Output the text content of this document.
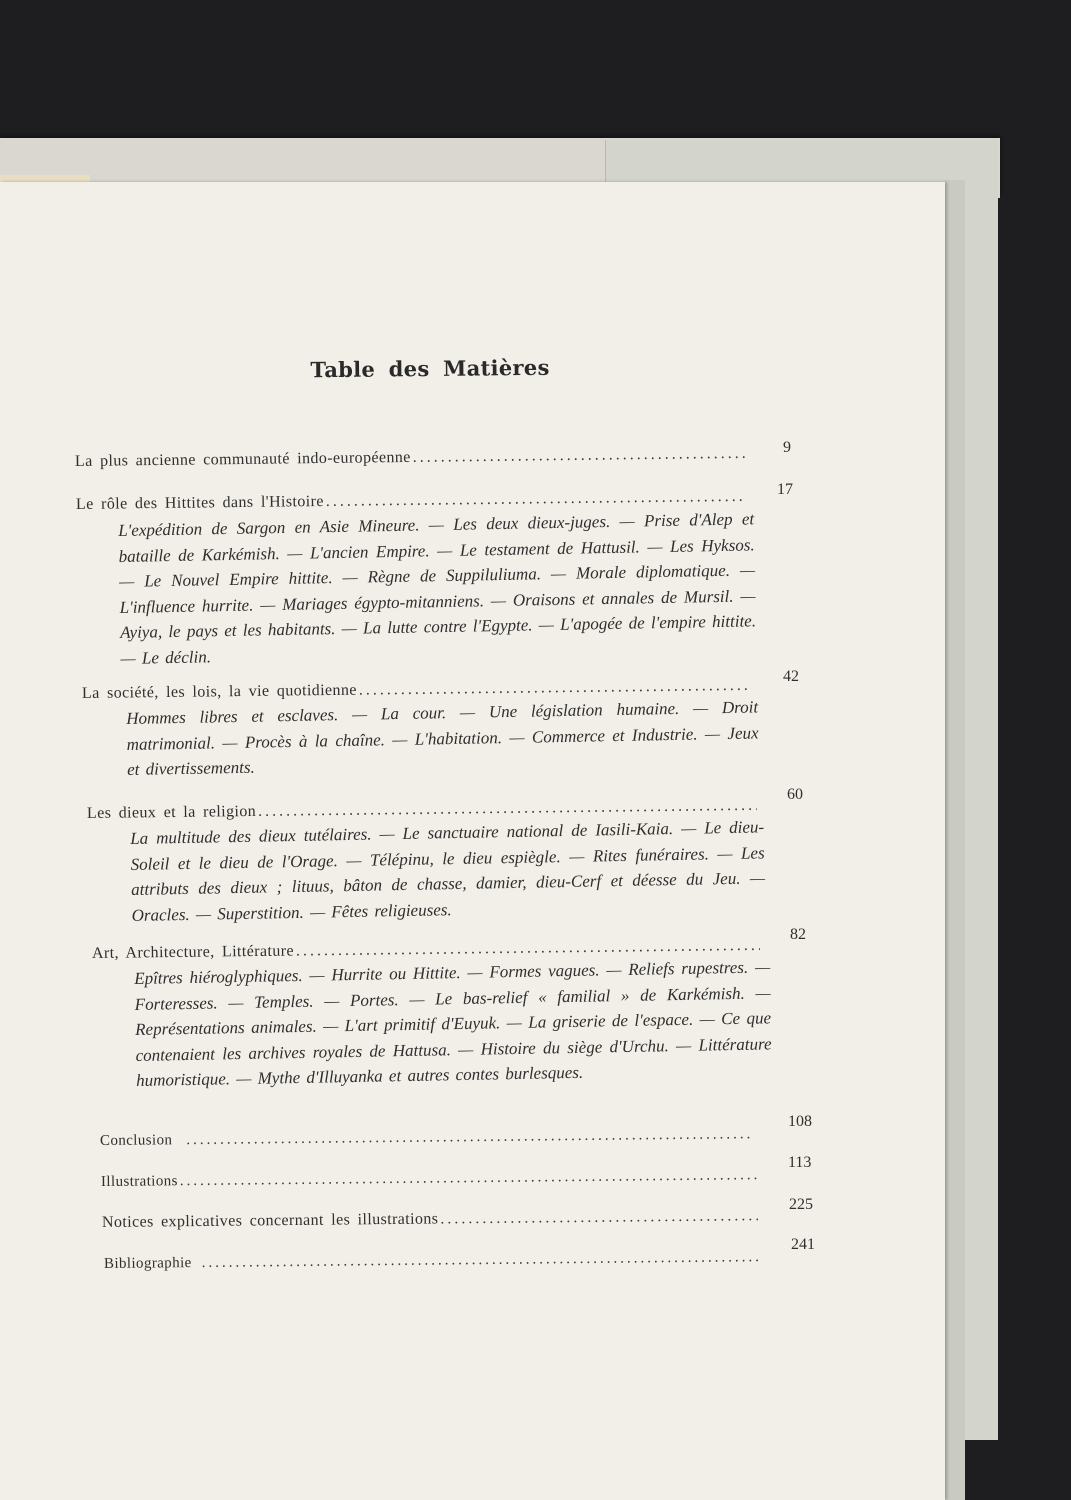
Table des Matières
La plus ancienne communauté indo-européenne
.....
9
Le rôle des Hittites dans l'Histoire
.....
17
L'expédition de Sargon en Asie Mineure. — Les deux dieux-juges. — Prise d'Alep et bataille de Karkémish. — L'ancien Empire. — Le testament de Hattusil. — Les Hyksos. — Le Nouvel Empire hittite. — Règne de Suppiluliuma. — Morale diplomatique. — L'influence hurrite. — Mariages égypto-mitanniens. — Oraisons et annales de Mursil. — Ayiya, le pays et les habitants. — La lutte contre l'Egypte. — L'apogée de l'empire hittite. — Le déclin.
La société, les lois, la vie quotidienne
.....
42
Hommes libres et esclaves. — La cour. — Une législation humaine. — Droit matrimonial. — Procès à la chaîne. — L'habitation. — Commerce et Industrie. — Jeux et divertissements.
Les dieux et la religion
.....
60
La multitude des dieux tutélaires. — Le sanctuaire national de Iasili-Kaia. — Le dieu-Soleil et le dieu de l'Orage. — Télépinu, le dieu espiègle. — Rites funéraires. — Les attributs des dieux ; lituus, bâton de chasse, damier, dieu-Cerf et déesse du Jeu. — Oracles. — Superstition. — Fêtes religieuses.
Art, Architecture, Littérature
.....
82
Epîtres hiéroglyphiques. — Hurrite ou Hittite. — Formes vagues. — Reliefs rupestres. — Forteresses. — Temples. — Portes. — Le bas-relief « familial » de Karkémish. — Représentations animales. — L'art primitif d'Euyuk. — La griserie de l'espace. — Ce que contenaient les archives royales de Hattusa. — Histoire du siège d'Urchu. — Littérature humoristique. — Mythe d'Illuyanka et autres contes burlesques.
Conclusion
.....
108
Illustrations
.....
113
Notices explicatives concernant les illustrations
.....
225
Bibliographie
.....
241
